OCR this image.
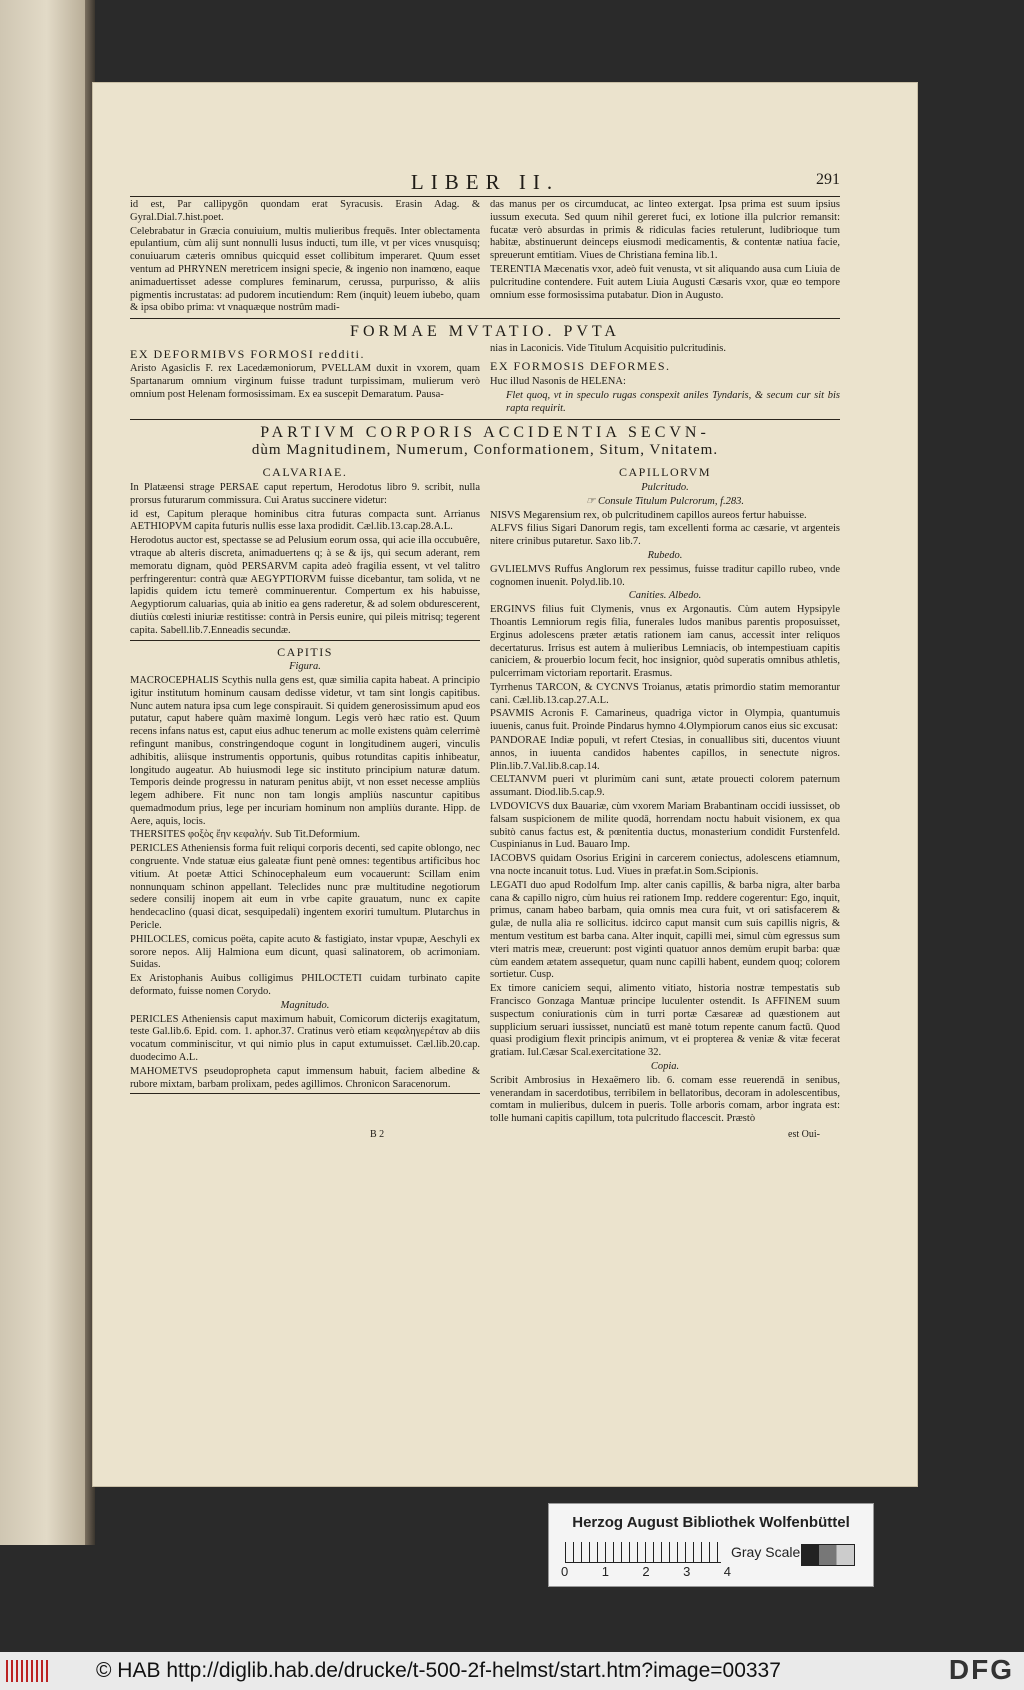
LIBER II.	291

id est, Par callipygōn quondam erat Syracusis. Erasin Adag. & Gyral.Dial.7.hist.poet.

Celebrabatur in Græcia conuiuium, multis mulieribus frequēs. Inter oblectamenta epulantium, cùm alij sunt nonnulli lusus inducti, tum ille, vt per vices vnusquisq; conuiuarum cæteris omnibus quicquid esset collibitum imperaret. Quum esset ventum ad PHRYNEN meretricem insigni specie, & ingenio non inamœno, eaque animaduertisset adesse complures feminarum, cerussa, purpurisso, & aliis pigmentis incrustatas: ad pudorem incutiendum: Rem (inquit) leuem iubebo, quam & ipsa obibo prima: vt vnaquæque nostrûm madi-

das manus per os circumducat, ac linteo extergat. Ipsa prima est suum ipsius iussum executa. Sed quum nihil gereret fuci, ex lotione illa pulcrior remansit: fucatæ verò absurdas in primis & ridiculas facies retulerunt, ludibrioque tum habitæ, abstinuerunt deinceps eiusmodi medicamentis, & contentæ natiua facie, spreuerunt emtitiam. Viues de Christiana femina lib.1.

TERENTIA Mæcenatis vxor, adeò fuit venusta, vt sit aliquando ausa cum Liuia de pulcritudine contendere. Fuit autem Liuia Augusti Cæsaris vxor, quæ eo tempore omnium esse formosissima putabatur. Dion in Augusto.

FORMAE MVTATIO. PVTA
EX DEFORMIBVS FORMOSI redditi.

Aristo Agasiclis F. rex Lacedæmoniorum, PVELLAM duxit in vxorem, quam Spartanarum omnium virginum fuisse tradunt turpissimam, mulierum verò omnium post Helenam formosissimam. Ex ea suscepit Demaratum. Pausa-

nias in Laconicis. Vide Titulum Acquisitio pulcritudinis.

EX FORMOSIS DEFORMES.

Huc illud Nasonis de HELENA:

Flet quoq, vt in speculo rugas conspexit aniles Tyndaris, & secum cur sit bis rapta requirit.

PARTIVM CORPORIS ACCIDENTIA SECVN-
dùm Magnitudinem, Numerum, Conformationem, Situm, Vnitatem.
CALVARIAE.

In Platæensi strage PERSAE caput repertum, Herodotus libro 9. scribit, nulla prorsus futurarum commissura. Cui Aratus succinere videtur:

id est, Capitum pleraque hominibus citra futuras compacta sunt. Arrianus AETHIOPVM capita futuris nullis esse laxa prodidit. Cæl.lib.13.cap.28.A.L.

Herodotus auctor est, spectasse se ad Pelusium eorum ossa, qui acie illa occubuêre, vtraque ab alteris discreta, animaduertens q; à se & ijs, qui secum aderant, rem memoratu dignam, quòd PERSARVM capita adeò fragilia essent, vt vel talitro perfringerentur: contrà quæ AEGYPTIORVM fuisse dicebantur, tam solida, vt ne lapidis quidem ictu temerè comminuerentur. Compertum ex his habuisse, Aegyptiorum caluarias, quia ab initio ea gens raderetur, & ad solem obdurescerent, diutiùs cœlesti iniuriæ restitisse: contrà in Persis eunire, qui pileis mitrisq; tegerent capita. Sabell.lib.7.Enneadis secundæ.

CAPITIS
Figura.

MACROCEPHALIS Scythis nulla gens est, quæ similia capita habeat. A principio igitur institutum hominum causam dedisse videtur, vt tam sint longis capitibus. Nunc autem natura ipsa cum lege conspirauit. Si quidem generosissimum apud eos putatur, caput habere quàm maximè longum. Legis verò hæc ratio est. Quum recens infans natus est, caput eius adhuc tenerum ac molle existens quàm celerrimè refingunt manibus, constringendoque cogunt in longitudinem augeri, vinculis adhibitis, aliisque instrumentis opportunis, quibus rotunditas capitis inhibeatur, longitudo augeatur. Ab huiusmodi lege sic instituto principium naturæ datum. Temporis deinde progressu in naturam penitus abijt, vt non esset necesse ampliùs legem adhibere. Fit nunc non tam longis ampliùs nascuntur capitibus quemadmodum prius, lege per incuriam hominum non ampliùs durante. Hipp. de Aere, aquis, locis.

THERSITES φοξὸς ἔην κεφαλήν. Sub Tit.Deformium.

PERICLES Atheniensis forma fuit reliqui corporis decenti, sed capite oblongo, nec congruente. Vnde statuæ eius galeatæ fiunt penè omnes: tegentibus artificibus hoc vitium. At poetæ Attici Schinocephaleum eum vocauerunt: Scillam enim nonnunquam schinon appellant. Teleclides nunc præ multitudine negotiorum sedere consilij inopem ait eum in vrbe capite grauatum, nunc ex capite hendecaclino (quasi dicat, sesquipedali) ingentem exoriri tumultum. Plutarchus in Pericle.

PHILOCLES, comicus poëta, capite acuto & fastigiato, instar vpupæ, Aeschyli ex sorore nepos. Alij Halmiona eum dicunt, quasi salinatorem, ob acrimoniam. Suidas.

Ex Aristophanis Auibus colligimus PHILOCTETI cuidam turbinato capite deformato, fuisse nomen Corydo.

Magnitudo.

PERICLES Atheniensis caput maximum habuit, Comicorum dicterijs exagitatum, teste Gal.lib.6. Epid. com. 1. aphor.37. Cratinus verò etiam κεφαληγερέταν ab diis vocatum comminiscitur, vt qui nimio plus in caput extumuisset. Cæl.lib.20.cap. duodecimo A.L.

MAHOMETVS pseudopropheta caput immensum habuit, faciem albedine & rubore mixtam, barbam prolixam, pedes agillimos. Chronicon Saracenorum.

CAPILLORVM
Pulcritudo.
☞ Consule Titulum Pulcrorum, f.283.

NISVS Megarensium rex, ob pulcritudinem capillos aureos fertur habuisse.

ALFVS filius Sigari Danorum regis, tam excellenti forma ac cæsarie, vt argenteis nitere crinibus putaretur. Saxo lib.7.

Rubedo.

GVLIELMVS Ruffus Anglorum rex pessimus, fuisse traditur capillo rubeo, vnde cognomen inuenit. Polyd.lib.10.

Canities. Albedo.

ERGINVS filius fuit Clymenis, vnus ex Argonautis. Cùm autem Hypsipyle Thoantis Lemniorum regis filia, funerales ludos manibus parentis proposuisset, Erginus adolescens præter ætatis rationem iam canus, accessit inter reliquos decertaturus. Irrisus est autem à mulieribus Lemniacis, ob intempestiuam capitis caniciem, & prouerbio locum fecit, hoc insignior, quòd superatis omnibus athletis, pulcerrimam victoriam reportarit. Erasmus.

Tyrrhenus TARCON, & CYCNVS Troianus, ætatis primordio statim memorantur cani. Cæl.lib.13.cap.27.A.L.

PSAVMIS Acronis F. Camarineus, quadriga victor in Olympia, quantumuis iuuenis, canus fuit. Proinde Pindarus hymno 4.Olympiorum canos eius sic excusat:

PANDORAE Indiæ populi, vt refert Ctesias, in conuallibus siti, ducentos viuunt annos, in iuuenta candidos habentes capillos, in senectute nigros. Plin.lib.7.Val.lib.8.cap.14.

CELTANVM pueri vt plurimùm cani sunt, ætate prouecti colorem paternum assumant. Diod.lib.5.cap.9.

LVDOVICVS dux Bauariæ, cùm vxorem Mariam Brabantinam occidi iussisset, ob falsam suspicionem de milite quodā, horrendam noctu habuit visionem, ex qua subitò canus factus est, & pœnitentia ductus, monasterium condidit Furstenfeld. Cuspinianus in Lud. Bauaro Imp.

IACOBVS quidam Osorius Erigini in carcerem coniectus, adolescens etiamnum, vna nocte incanuit totus. Lud. Viues in præfat.in Som.Scipionis.

LEGATI duo apud Rodolfum Imp. alter canis capillis, & barba nigra, alter barba cana & capillo nigro, cùm huius rei rationem Imp. reddere cogerentur: Ego, inquit, primus, canam habeo barbam, quia omnis mea cura fuit, vt ori satisfacerem & gulæ, de nulla alia re sollicitus. idcirco caput mansit cum suis capillis nigris, & mentum vestitum est barba cana. Alter inquit, capilli mei, simul cùm egressus sum vteri matris meæ, creuerunt: post viginti quatuor annos demùm erupit barba: quæ cùm eandem ætatem assequetur, quam nunc capilli habent, eundem quoq; colorem sortietur. Cusp.

Ex timore caniciem sequi, alimento vitiato, historia nostræ tempestatis sub Francisco Gonzaga Mantuæ principe luculenter ostendit. Is AFFINEM suum suspectum coniurationis cùm in turri portæ Cæsareæ ad quæstionem aut supplicium seruari iussisset, nunciatū est manè totum repente canum factū. Quod quasi prodigium flexit principis animum, vt ei propterea & veniæ & vitæ fecerat gratiam. Iul.Cæsar Scal.exercitatione 32.

Copia.

Scribit Ambrosius in Hexaëmero lib. 6. comam esse reuerendā in senibus, venerandam in sacerdotibus, terribilem in bellatoribus, decoram in adolescentibus, comtam in mulieribus, dulcem in pueris. Tolle arboris comam, arbor ingrata est: tolle humani capitis capillum, tota pulcritudo flaccescit. Præstò

B 2	est Oui-
Herzog August Bibliothek Wolfenbüttel
0	1	2	3	4
Gray Scale
© HAB http://diglib.hab.de/drucke/t-500-2f-helmst/start.htm?image=00337	DFG
